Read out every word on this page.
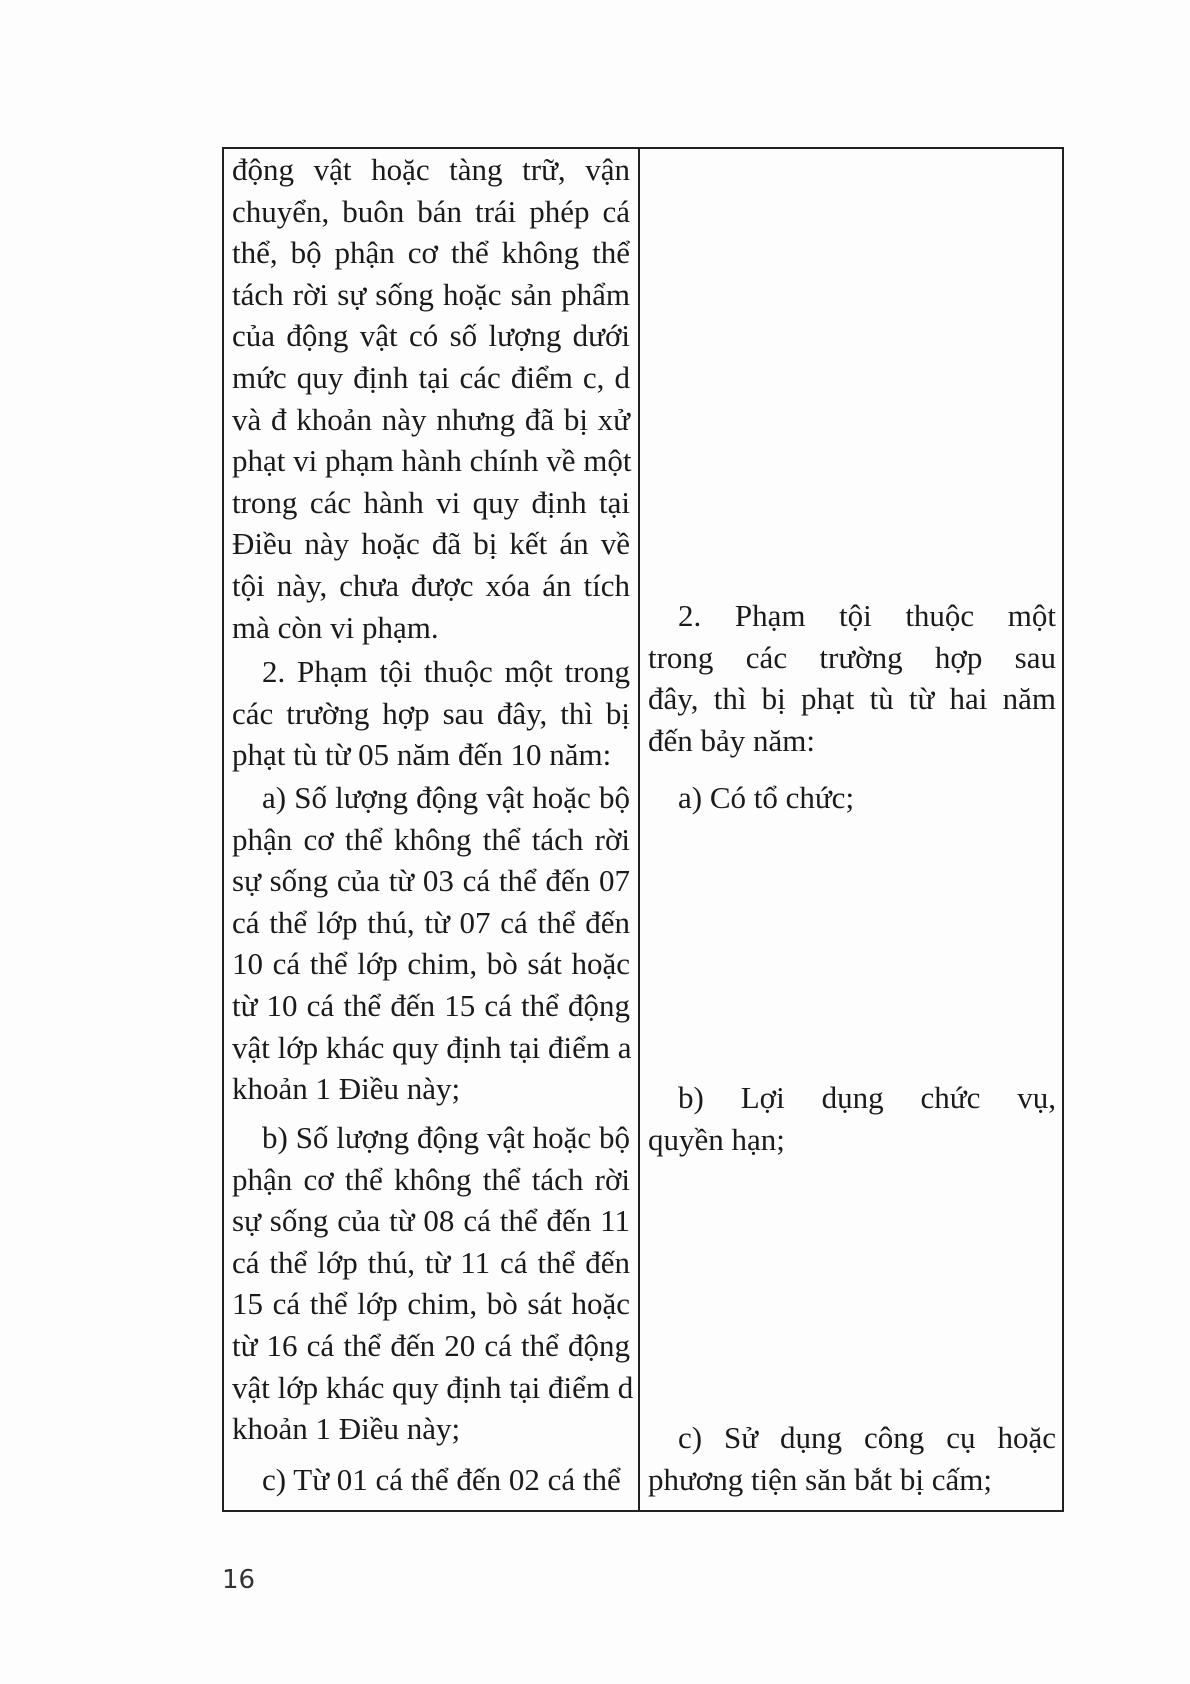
động vật hoặc tàng trữ, vận
chuyển, buôn bán trái phép cá
thể, bộ phận cơ thể không thể
tách rời sự sống hoặc sản phẩm
của động vật có số lượng dưới
mức quy định tại các điểm c, d
và đ khoản này nhưng đã bị xử
phạt vi phạm hành chính về một
trong các hành vi quy định tại
Điều này hoặc đã bị kết án về
tội này, chưa được xóa án tích
mà còn vi phạm.
2. Phạm tội thuộc một trong
các trường hợp sau đây, thì bị
phạt tù từ 05 năm đến 10 năm:
a) Số lượng động vật hoặc bộ
phận cơ thể không thể tách rời
sự sống của từ 03 cá thể đến 07
cá thể lớp thú, từ 07 cá thể đến
10 cá thể lớp chim, bò sát hoặc
từ 10 cá thể đến 15 cá thể động
vật lớp khác quy định tại điểm a
khoản 1 Điều này;
b) Số lượng động vật hoặc bộ
phận cơ thể không thể tách rời
sự sống của từ 08 cá thể đến 11
cá thể lớp thú, từ 11 cá thể đến
15 cá thể lớp chim, bò sát hoặc
từ 16 cá thể đến 20 cá thể động
vật lớp khác quy định tại điểm d
khoản 1 Điều này;
c) Từ 01 cá thể đến 02 cá thể
2. Phạm tội thuộc một
trong các trường hợp sau
đây, thì bị phạt tù từ hai năm
đến bảy năm:
a) Có tổ chức;
b) Lợi dụng chức vụ,
quyền hạn;
c) Sử dụng công cụ hoặc
phương tiện săn bắt bị cấm;
16
